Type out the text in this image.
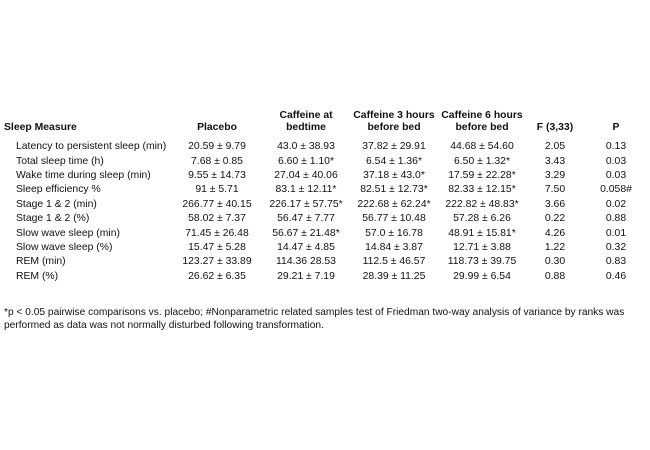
Sleep Measure	Placebo	Caffeine at bedtime	Caffeine 3 hours before bed	Caffeine 6 hours before bed	F (3,33)	P
Latency to persistent sleep (min)	20.59 ± 9.79	43.0 ± 38.93	37.82 ± 29.91	44.68 ± 54.60	2.05	0.13
Total sleep time (h)	7.68 ± 0.85	6.60 ± 1.10*	6.54 ± 1.36*	6.50 ± 1.32*	3.43	0.03
Wake time during sleep (min)	9.55 ± 14.73	27.04 ± 40.06	37.18 ± 43.0*	17.59 ± 22.28*	3.29	0.03
Sleep efficiency %	91 ± 5.71	83.1 ± 12.11*	82.51 ± 12.73*	82.33 ± 12.15*	7.50	0.058#
Stage 1 & 2 (min)	266.77 ± 40.15	226.17 ± 57.75*	222.68 ± 62.24*	222.82 ± 48.83*	3.66	0.02
Stage 1 & 2 (%)	58.02 ± 7.37	56.47 ± 7.77	56.77 ± 10.48	57.28 ± 6.26	0.22	0.88
Slow wave sleep (min)	71.45 ± 26.48	56.67 ± 21.48*	57.0 ± 16.78	48.91 ± 15.81*	4.26	0.01
Slow wave sleep (%)	15.47 ± 5.28	14.47 ± 4.85	14.84 ± 3.87	12.71 ± 3.88	1.22	0.32
REM (min)	123.27 ± 33.89	114.36 28.53	112.5 ± 46.57	118.73 ± 39.75	0.30	0.83
REM (%)	26.62 ± 6.35	29.21 ± 7.19	28.39 ± 11.25	29.99 ± 6.54	0.88	0.46
*p < 0.05 pairwise comparisons vs. placebo; #Nonparametric related samples test of Friedman two-way analysis of variance by ranks was performed as data was not normally disturbed following transformation.
